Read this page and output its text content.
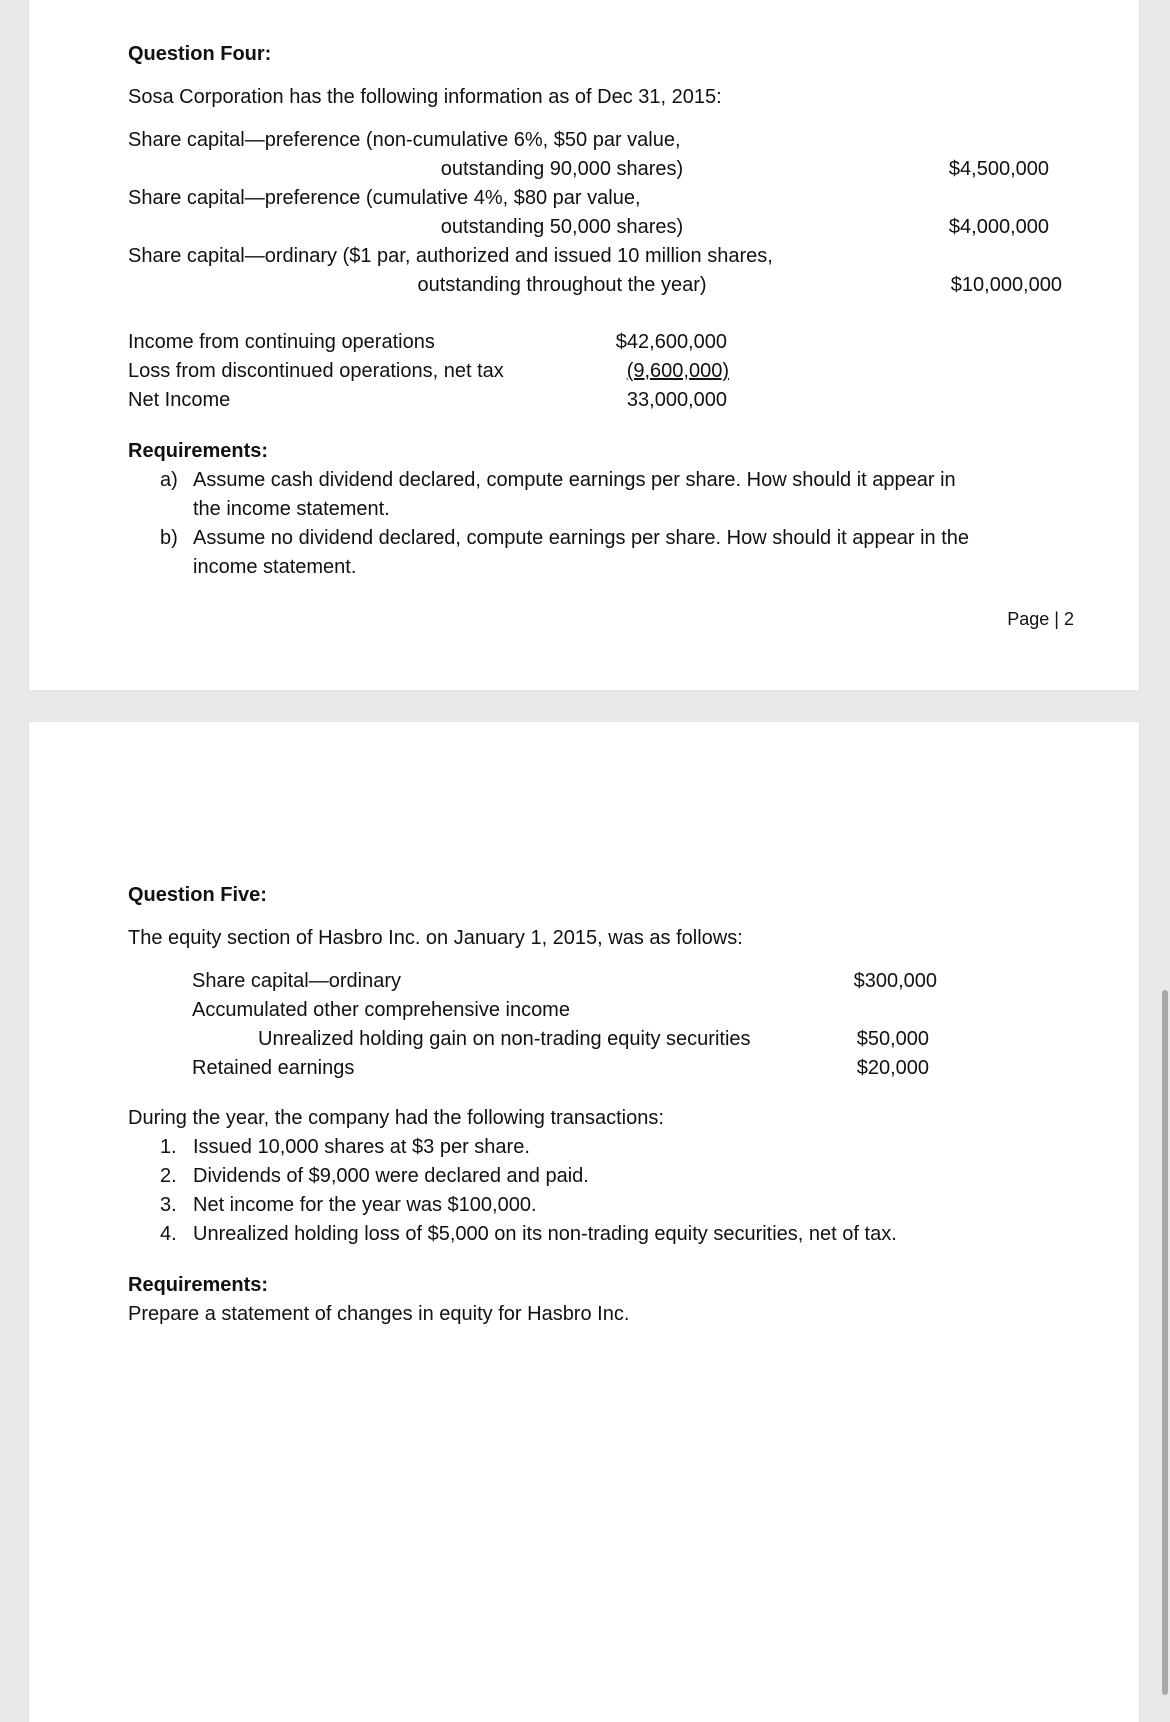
Question Four:
Sosa Corporation has the following information as of Dec 31, 2015:
Share capital—preference (non-cumulative 6%, $50 par value,
outstanding 90,000 shares)	$4,500,000
Share capital—preference (cumulative 4%, $80 par value,
outstanding 50,000 shares)	$4,000,000
Share capital—ordinary ($1 par, authorized and issued 10 million shares,
outstanding throughout the year)	$10,000,000
Income from continuing operations	$42,600,000
Loss from discontinued operations, net tax	(9,600,000)
Net Income	33,000,000
Requirements:
a) Assume cash dividend declared, compute earnings per share. How should it appear in
the income statement.
b) Assume no dividend declared, compute earnings per share. How should it appear in the
income statement.
Page | 2
Question Five:
The equity section of Hasbro Inc. on January 1, 2015, was as follows:
Share capital—ordinary	$300,000
Accumulated other comprehensive income
Unrealized holding gain on non-trading equity securities	$50,000
Retained earnings	$20,000
During the year, the company had the following transactions:
1. Issued 10,000 shares at $3 per share.
2. Dividends of $9,000 were declared and paid.
3. Net income for the year was $100,000.
4. Unrealized holding loss of $5,000 on its non-trading equity securities, net of tax.
Requirements:
Prepare a statement of changes in equity for Hasbro Inc.
